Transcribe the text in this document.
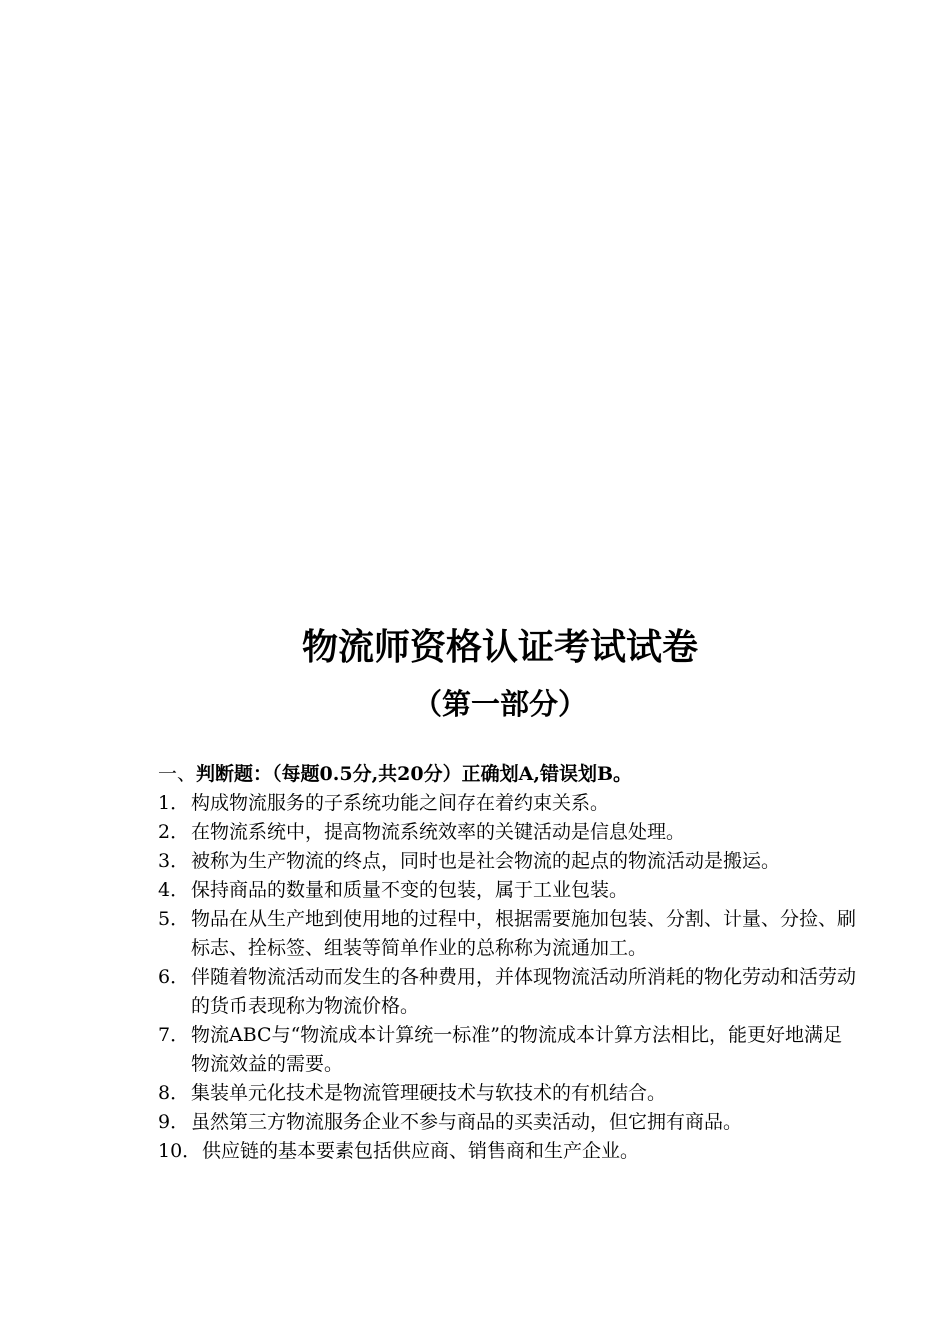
物流师资格认证考试试卷
（第一部分）
一、判断题：（每题0.5分,共20分）正确划A,错误划B。
1． 构成物流服务的子系统功能之间存在着约束关系。
2． 在物流系统中，提高物流系统效率的关键活动是信息处理。
3． 被称为生产物流的终点，同时也是社会物流的起点的物流活动是搬运。
4． 保持商品的数量和质量不变的包装，属于工业包装。
5． 物品在从生产地到使用地的过程中，根据需要施加包装、分割、计量、分捡、刷标志、拴标签、组装等简单作业的总称称为流通加工。
6． 伴随着物流活动而发生的各种费用，并体现物流活动所消耗的物化劳动和活劳动的货币表现称为物流价格。
7． 物流ABC与“物流成本计算统一标准”的物流成本计算方法相比，能更好地满足物流效益的需要。
8． 集装单元化技术是物流管理硬技术与软技术的有机结合。
9． 虽然第三方物流服务企业不参与商品的买卖活动，但它拥有商品。
10． 供应链的基本要素包括供应商、销售商和生产企业。
